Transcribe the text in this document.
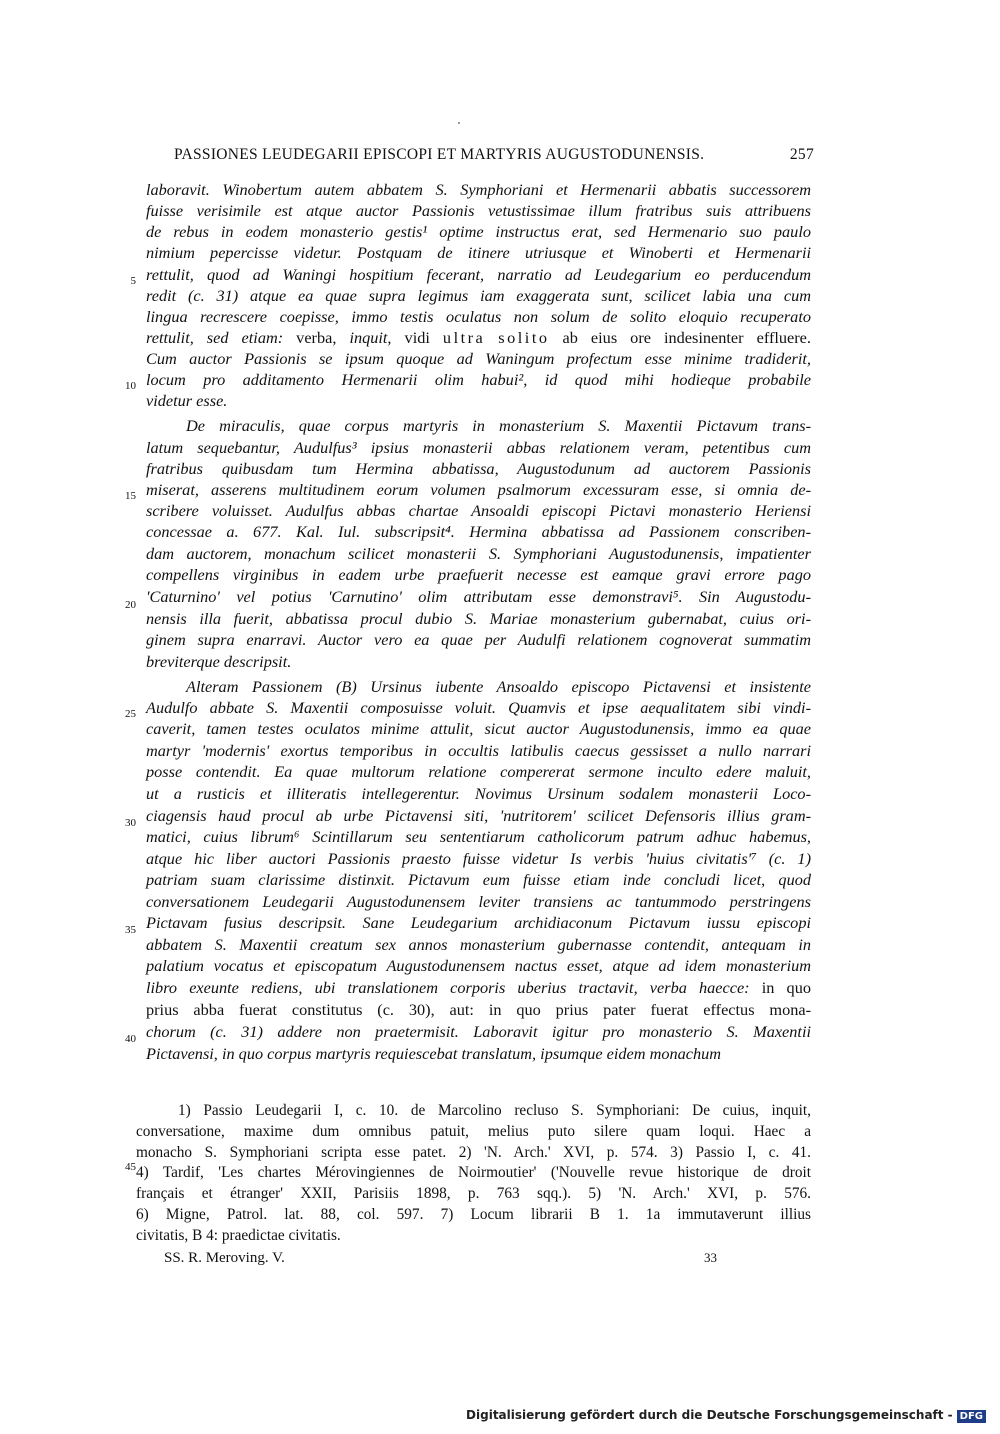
PASSIONES LEUDEGARII EPISCOPI ET MARTYRIS AUGUSTODUNENSIS.	257
5
10
15
20
25
30
35
40
45
laboravit. Winobertum autem abbatem S. Symphoriani et Hermenarii abbatis successorem
fuisse verisimile est atque auctor Passionis vetustissimae illum fratribus suis attribuens
de rebus in eodem monasterio gestis¹ optime instructus erat, sed Hermenario suo paulo
nimium pepercisse videtur. Postquam de itinere utriusque et Winoberti et Hermenarii
rettulit, quod ad Waningi hospitium fecerant, narratio ad Leudegarium eo perducendum
redit (c. 31) atque ea quae supra legimus iam exaggerata sunt, scilicet labia una cum
lingua recrescere coepisse, immo testis oculatus non solum de solito eloquio recuperato
rettulit, sed etiam: verba, inquit, vidi ultra solito ab eius ore indesinenter effluere.
Cum auctor Passionis se ipsum quoque ad Waningum profectum esse minime tradiderit,
locum pro additamento Hermenarii olim habui², id quod mihi hodieque probabile
videtur esse.
De miraculis, quae corpus martyris in monasterium S. Maxentii Pictavum trans-
latum sequebantur, Audulfus³ ipsius monasterii abbas relationem veram, petentibus cum
fratribus quibusdam tum Hermina abbatissa, Augustodunum ad auctorem Passionis
miserat, asserens multitudinem eorum volumen psalmorum excessuram esse, si omnia de-
scribere voluisset. Audulfus abbas chartae Ansoaldi episcopi Pictavi monasterio Heriensi
concessae a. 677. Kal. Iul. subscripsit⁴. Hermina abbatissa ad Passionem conscriben-
dam auctorem, monachum scilicet monasterii S. Symphoriani Augustodunensis, impatienter
compellens virginibus in eadem urbe praefuerit necesse est eamque gravi errore pago
'Caturnino' vel potius 'Carnutino' olim attributam esse demonstravi⁵. Sin Augustodu-
nensis illa fuerit, abbatissa procul dubio S. Mariae monasterium gubernabat, cuius ori-
ginem supra enarravi. Auctor vero ea quae per Audulfi relationem cognoverat summatim
breviterque descripsit.
Alteram Passionem (B) Ursinus iubente Ansoaldo episcopo Pictavensi et insistente
Audulfo abbate S. Maxentii composuisse voluit. Quamvis et ipse aequalitatem sibi vindi-
caverit, tamen testes oculatos minime attulit, sicut auctor Augustodunensis, immo ea quae
martyr 'modernis' exortus temporibus in occultis latibulis caecus gessisset a nullo narrari
posse contendit. Ea quae multorum relatione compererat sermone inculto edere maluit,
ut a rusticis et illiteratis intellegerentur. Novimus Ursinum sodalem monasterii Loco-
ciagensis haud procul ab urbe Pictavensi siti, 'nutritorem' scilicet Defensoris illius gram-
matici, cuius librum⁶ Scintillarum seu sententiarum catholicorum patrum adhuc habemus,
atque hic liber auctori Passionis praesto fuisse videtur Is verbis 'huius civitatis'⁷ (c. 1)
patriam suam clarissime distinxit. Pictavum eum fuisse etiam inde concludi licet, quod
conversationem Leudegarii Augustodunensem leviter transiens ac tantummodo perstringens
Pictavam fusius descripsit. Sane Leudegarium archidiaconum Pictavum iussu episcopi
abbatem S. Maxentii creatum sex annos monasterium gubernasse contendit, antequam in
palatium vocatus et episcopatum Augustodunensem nactus esset, atque ad idem monasterium
libro exeunte rediens, ubi translationem corporis uberius tractavit, verba haecce: in quo
prius abba fuerat constitutus (c. 30), aut: in quo prius pater fuerat effectus mona-
chorum (c. 31) addere non praetermisit. Laboravit igitur pro monasterio S. Maxentii
Pictavensi, in quo corpus martyris requiescebat translatum, ipsumque eidem monachum
1) Passio Leudegarii I, c. 10. de Marcolino recluso S. Symphoriani: De cuius, inquit,
conversatione, maxime dum omnibus patuit, melius puto silere quam loqui. Haec a
monacho S. Symphoriani scripta esse patet. 2) 'N. Arch.' XVI, p. 574. 3) Passio I, c. 41.
4) Tardif, 'Les chartes Mérovingiennes de Noirmoutier' ('Nouvelle revue historique de droit
français et étranger' XXII, Parisiis 1898, p. 763 sqq.). 5) 'N. Arch.' XVI, p. 576.
6) Migne, Patrol. lat. 88, col. 597. 7) Locum librarii B 1. 1a immutaverunt illius
civitatis, B 4: praedictae civitatis.
SS. R. Meroving. V.	33
Digitalisierung gefördert durch die Deutsche Forschungsgemeinschaft - DFG
